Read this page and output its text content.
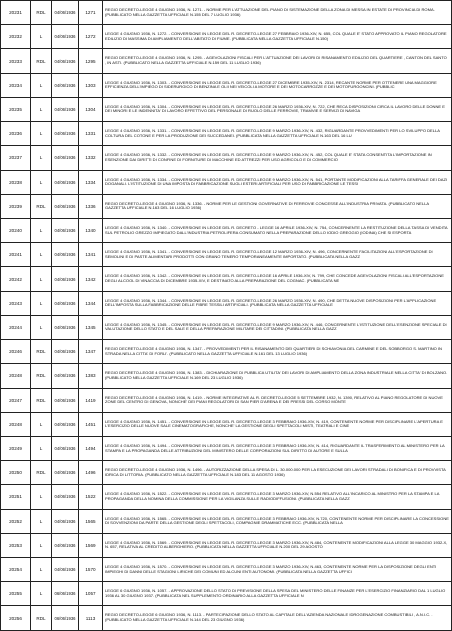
20231	RDL	04/06/1936	1271	REGIO DECRETO-LEGGE 4 GIUGNO 1936, N. 1271. - NORME PER L'ATTUAZIONE DEL PIANO DI SISTEMAZIONE DELLA ZONA DI MESSA IN ESTATE DI PROVINCIA DI ROMA. (PUBBLICATO NELLA GAZZETTA UFFICIALE N.155 DEL 7 LUGLIO 1936)
20232	L	04/06/1936	1272	LEGGE 4 GIUGNO 1936, N. 1272. - CONVERSIONE IN LEGGE DEL R. DECRETO-LEGGE 27 FEBBRAIO 1936-XIV, N. 655, COL QUALE E' STATO APPROVATO IL PIANO REGOLATORE EDILIZIO DI MASSIMA DI AMPLIAMENTO DELL'ABITATO DI FIUME. (PUBBLICATA NELLA GAZZETTA UFFICIALE N.150)
20233	RDL	04/06/1936	1295	REGIO DECRETO-LEGGE 4 GIUGNO 1936, N. 1295. - AGEVOLAZIONI FISCALI PER L'ATTUAZIONE DEI LAVORI DI RISANAMENTO EDILIZIO DEL QUARTIERE , CANTON DEL SANTO , IN ASTI. (PUBBLICATO NELLA GAZZETTA UFFICIALE N.159 DEL 11 LUGLIO 1936)
20234	L	04/06/1936	1303	LEGGE 4 GIUGNO 1936, N. 1303. - CONVERSIONE IN LEGGE DEL R. DECRETO-LEGGE 27 DICEMBRE 1935-XIV, N. 2314, RECANTE NORME PER OTTENERE UNA MAGGIORE EFFICIENZA DELL'IMPIEGO DI SIDERURGICO DI BENZINA E OLII NEI VEICOLI A MOTORE E DEI MOTOCARROZZE E DEI MOTOFURGONCINI. (PUBBLIC
20235	L	04/06/1936	1304	LEGGE 4 GIUGNO 1936, N. 1304. - CONVERSIONE IN LEGGE DEL R. DECRETO-LEGGE 26 MARZO 1936-XIV, N. 722, CHE RECA DISPOSIZIONI CIRCA IL LAVORO DELLE DONNE E DEI MINORI E LE INDENNITA' DI LAVORO EFFETTIVO DEL PERSONALE DI RUOLO DELLE FERROVIE, TRAMVIE E SERVIZI DI NAVIGA
20236	L	04/06/1936	1331	LEGGE 4 GIUGNO 1936, N. 1331. - CONVERSIONE IN LEGGE DEL R. DECRETO-LEGGE 9 MARZO 1936-XIV, N. 432, RIGUARDANTE PROVVEDIMENTI PER LO SVILUPPO DELLA COLTURA DEL COTONE E PER LA PRODUZIONE DEI SUCCEDANEI. (PUBBLICATA NELLA GAZZETTA UFFICIALE N.163 DEL 16 LU
20237	L	04/06/1936	1332	LEGGE 4 GIUGNO 1936, N. 1332. - CONVERSIONE IN LEGGE DEL R. DECRETO-LEGGE 9 MARZO 1936-XIV, N. 452, COL QUALE E' STATA CONSENTITA L'IMPORTAZIONE IN ESENZIONE DAI DIRITTI DI CONFINE DI FORNITURE DI MACCHINE ED ATTREZZI PER USO AGRICOLO E DI COMMERCIO
20238	L	04/06/1936	1334	LEGGE 4 GIUGNO 1936, N. 1334. - CONVERSIONE IN LEGGE DEL R. DECRETO-LEGGE 9 MARZO 1936-XIV, N. 541, PORTANTE MODIFICAZIONI ALLA TARIFFA GENERALE DEI DAZI DOGANALI. L'ISTITUZIONE DI UNA IMPOSTA DI FABBRICAZIONE SUGLI ESTERI ARTIFICIALI PER USO DI FABBRICAZIONE LE TESSI
20239	RDL	04/06/1936	1336	REGIO DECRETO-LEGGE 4 GIUGNO 1936, N. 1336. - NORME PER LE GESTIONI GOVERNATIVE DI FERROVIE CONCESSE ALL'INDUSTRIA PRIVATA. (PUBBLICATO NELLA GAZZETTA UFFICIALE N.163 DEL 16 LUGLIO 1936)
20240	L	04/06/1936	1340	LEGGE 4 GIUGNO 1936, N. 1340. - CONVERSIONE IN LEGGE DEL R. DECRETO - LEGGE 16 APRILE 1936-XIV, N. 754, CONCERNENTE LA RESTITUZIONE DELLA TASSA DI VENDITA SUL PETROLIO GREZZO IMPIEGATO DALL'INDUSTRIA PETROLIFERA CONSUMATO NELLA PREPARAZIONE DELLO IODIO GREGGIO (IODINA) CHE SI ESPORTA
20241	L	04/06/1936	1341	LEGGE 4 GIUGNO 1936, N. 1341. - CONVERSIONE IN LEGGE DEL R. DECRETO-LEGGE 12 MARZO 1936-XIV, N. 496, CONCERNENTE FACILITAZIONI ALL'ESPORTAZIONE DI SEMOLINI E DI PASTE ALIMENTARI PRODOTTI CON GRANO TENERO TEMPORANEAMENTE IMPORTATO. (PUBBLICATA NELLA GAZZ
20242	L	04/06/1936	1342	LEGGE 4 GIUGNO 1936, N. 1342. - CONVERSIONE IN LEGGE DEL R. DECRETO-LEGGE 16 APRILE 1936-XIV, N. 799, CHE CONCEDE AGEVOLAZIONI FISCALI ALL'ESPORTAZIONE DEGLI ALCOOL DI VINACCIA DI DICEMBRE 1935-XIV, E DESTINATO ALLA PREPARAZIONE DEL COGNAC. (PUBBLICATA NE
20243	L	04/06/1936	1344	LEGGE 4 GIUGNO 1936, N. 1344. - CONVERSIONE IN LEGGE DEL R. DECRETO-LEGGE 26 MARZO 1936-XIV, N. 490, CHE DETTA NUOVE DISPOSIZIONI PER L'APPLICAZIONE DELL'IMPOSTA SULLA FABBRICAZIONE DELLE FIBRE TESSILI ARTIFICIALI. (PUBBLICATA NELLA GAZZETTA UFFICIALE
20244	L	04/06/1936	1345	LEGGE 4 GIUGNO 1936, N. 1345. - CONVERSIONE IN LEGGE DEL R. DECRETO-LEGGE 9 MARZO 1936-XIV, N. 446, CONCERNENTE L'ISTITUZIONE DELL'ESENZIONE SPECIALE DI VALUTAZIONE DELLO STATO E DEL SALE E DELLA PREPARAZIONE MILITARE DEI CITTADINI. (PUBBLICATA NELLA GAZZ
20246	RDL	04/06/1936	1347	REGIO DECRETO-LEGGE 4 GIUGNO 1936, N. 1347. - PROVVEDIMENTI PER IL RISANAMENTO DEI QUARTIERI DI SCHIAVONIA DEL CARMINE E DEL SOBBORGO S. MARTINO IN STRADA NELLA CITTA' DI FORLI'. (PUBBLICATO NELLA GAZZETTA UFFICIALE N.161 DEL 13 LUGLIO 1936)
20248	RDL	04/06/1936	1383	REGIO DECRETO-LEGGE 4 GIUGNO 1936, N. 1383. - DICHIARAZIONE DI PUBBLICA UTILITA' DEI LAVORI DI AMPLIAMENTO DELLA ZONA INDUSTRIALE NELLA CITTA' DI BOLZANO. (PUBBLICATO NELLA GAZZETTA UFFICIALE N.169 DEL 23 LUGLIO 1936)
20247	RDL	04/06/1936	1419	REGIO DECRETO-LEGGE 4 GIUGNO 1936, N. 1419. - NORME INTEGRATIVE AL R. DECRETO-LEGGE 5 SETTEMBRE 1932, N. 1390, RELATIVO AL PIANO REGOLATORE DI NUOVE ZONE DEL CENTRO DI GENOVA, NONCHE' DEI PIANI REGOLATORI DI SAN PIER D'ARENA E DEI PRESSI DEL CORSO MONTE
20248	L	04/06/1936	1451	LEGGE 4 GIUGNO 1936, N. 1451. - CONVERSIONE IN LEGGE DEL R. DECRETO-LEGGE 3 FEBBRAIO 1936-XIV, N. 419, CONTENENTE NORME PER DISCIPLINARE L'APERTURA E L'ESERCIZIO DELLE NUOVE SALE CINEMATOGRAFICHE, NONCHE' LA GESTIONE DEGLI SPETTACOLI MISTI, TEATRALI E CINE
20249	L	04/06/1936	1494	LEGGE 4 GIUGNO 1936, N. 1494. - CONVERSIONE IN LEGGE DEL R. DECRETO-LEGGE 3 FEBBRAIO 1936-XIV, N. 414, RIGUARDANTE IL TRASFERIMENTO AL MINISTERO PER LA STAMPA E LA PROPAGANDA DELLE ATTRIBUZIONI DEL MINISTERO DELLE CORPORAZIONI SUL DIRITTO DI AUTORE E SULLA
20250	RDL	04/06/1936	1496	REGIO DECRETO-LEGGE 4 GIUGNO 1936, N. 1496. - AUTORIZZAZIONE DELLA SPESA DI L. 30.000.000 PER LA ESECUZIONE DEI LAVORI STRADALI DI BONIFICA E DI PROVVISTA IDRICA DI LITTORIA. (PUBBLICATO NELLA GAZZETTA UFFICIALE N.183 DEL 11 AGOSTO 1936)
20251	L	04/06/1936	1522	LEGGE 4 GIUGNO 1936, N. 1522. - CONVERSIONE IN LEGGE DEL R. DECRETO-LEGGE 3 MARZO 1936-XIV, N.554 RELATIVO ALL'INCARICO AL MINISTRO PER LA STAMPA E LA PROPAGANDA DELLA NOMINA DELLA COMMISSIONE PER LA VIGILANZA SULLE RADIODIFFUSIONI. (PUBBLICATA NELLA GAZZ
20252	L	04/06/1936	1565	LEGGE 4 GIUGNO 1936, N. 1565. - CONVERSIONE IN LEGGE DEL R. DECRETO-LEGGE 3 FEBBRAIO 1936-XIV, N.720, CONTENENTE NORME PER DISCIPLINARE LA CONCESSIONE DI SOVVENZIONI DA PARTE DELLA GESTIONE DEGLI SPETTACOLI, COMPAGNIE DRAMMATICHE ECC. (PUBBLICATA NELLA
20253	L	04/06/1936	1569	LEGGE 4 GIUGNO 1936, N. 1569. - CONVERSIONE IN LEGGE DEL R. DECRETO-LEGGE 3 MARZO 1936-XIV, N.484, CONTENENTE MODIFICAZIONI ALLA LEGGE 30 MAGGIO 1932-X, N. 657, RELATIVA AL CREDITO ALBERGHIERO. (PUBBLICATA NELLA GAZZETTA UFFICIALE N.200 DEL 29 AGOSTO
20254	L	04/06/1936	1570	LEGGE 4 GIUGNO 1936, N. 1570. - CONVERSIONE IN LEGGE DEL R. DECRETO-LEGGE 3 MARZO 1936-XIV, N.463, CONTENENTE NORME PER LA DISPOSIZIONE DEGLI ENTI IMPIEGHI DI DANNI DELLE STAGIONI LIRICHE DEI COMUNI ED ALCUNI ENTI AUTONOMI. (PUBBLICATA NELLA GAZZETTA UFFICI
20255	L	06/06/1936	1057	LEGGE 6 GIUGNO 1936, N. 1057. - APPROVAZIONE DELLO STATO DI PREVISIONE DELLA SPESA DEL MINISTERO DELLE FINANZE PER L'ESERCIZIO FINANZIARIO DAL 1 LUGLIO 1936 AL 30 GIUGNO 1937. (PUBBLICATA NEL SUPPLEMENTO ORDINARIO ALLA GAZZETTA UFFICIALE N
20256	RDL	06/06/1936	1113	REGIO DECRETO-LEGGE 6 GIUGNO 1936, N. 1113. - PARTECIPAZIONE DELLO STATO AL CAPITALE DELL'AZIENDA NAZIONALE IDROGENAZIONE COMBUSTIBILI , A.N.I.C. . (PUBBLICATO NELLA GAZZETTA UFFICIALE N.144 DEL 23 GIUGNO 1936)
